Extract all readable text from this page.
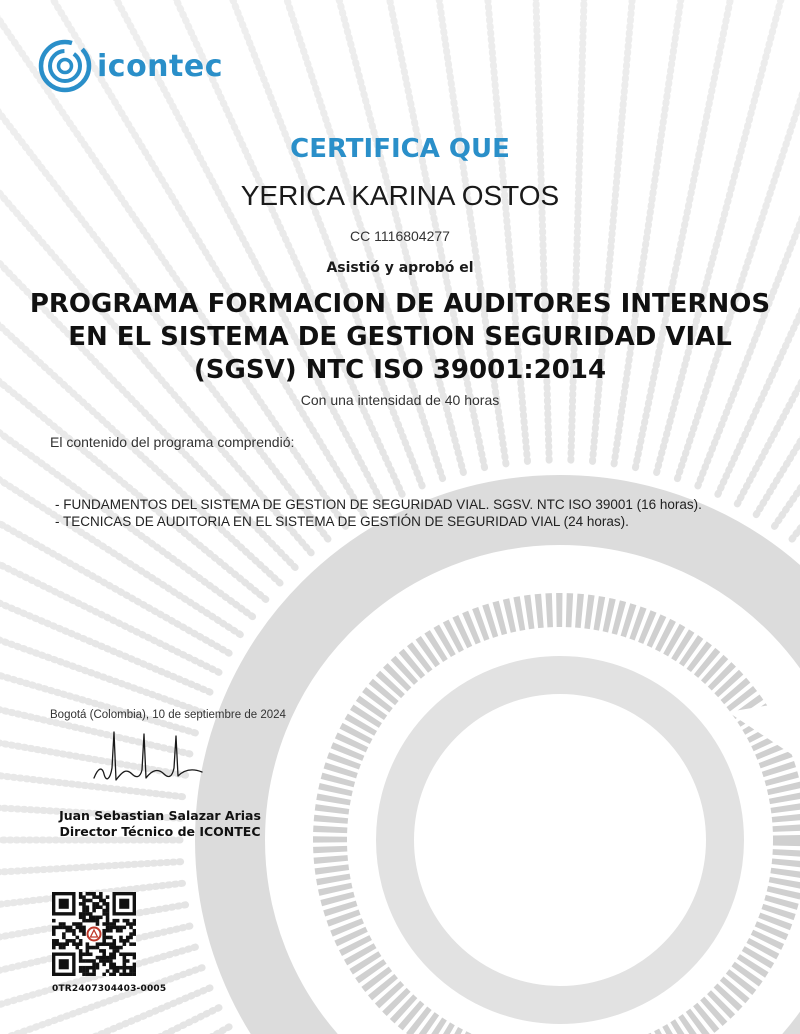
icontec
CERTIFICA QUE
YERICA KARINA OSTOS
CC 1116804277
Asistió y aprobó el
PROGRAMA FORMACION DE AUDITORES INTERNOS
EN EL SISTEMA DE GESTION SEGURIDAD VIAL
(SGSV) NTC ISO 39001:2014
Con una intensidad de 40 horas
El contenido del programa comprendió:
- FUNDAMENTOS DEL SISTEMA DE GESTION DE SEGURIDAD VIAL. SGSV. NTC ISO 39001 (16 horas).
- TECNICAS DE AUDITORIA EN EL SISTEMA DE GESTIÓN DE SEGURIDAD VIAL (24 horas).
Bogotá (Colombia), 10 de septiembre de 2024
Juan Sebastian Salazar Arias
Director Técnico de ICONTEC
0TR2407304403-0005
